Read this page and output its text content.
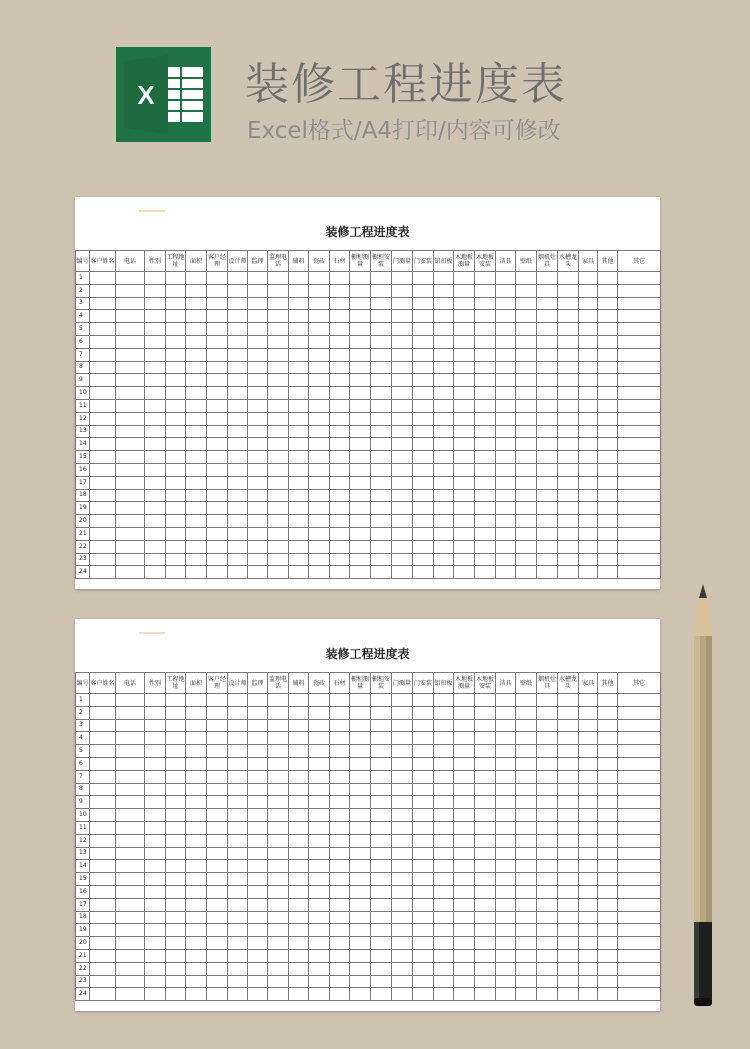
X 装修工程进度表
Excel格式/A4打印/内容可修改
装修工程进度表
编号	客户姓名	电话	性别	工程地址	面积	客户经理	设计师	监理	监理电话	辅料	瓷砖	石材	橱柜测量	橱柜安装	门测量	门安装	铝扣板	木地板测量	木地板安装	洁具	壁纸	烟机灶具	水槽龙头	家具	其他	其它
1																										
2																										
3																										
4																										
5																										
6																										
7																										
8																										
9																										
10																										
11																										
12																										
13																										
14																										
15																										
16																										
17																										
18																										
19																										
20																										
21																										
22																										
23																										
24																										
装修工程进度表
编号	客户姓名	电话	性别	工程地址	面积	客户经理	设计师	监理	监理电话	辅料	瓷砖	石材	橱柜测量	橱柜安装	门测量	门安装	铝扣板	木地板测量	木地板安装	洁具	壁纸	烟机灶具	水槽龙头	家具	其他	其它
1																										
2																										
3																										
4																										
5																										
6																										
7																										
8																										
9																										
10																										
11																										
12																										
13																										
14																										
15																										
16																										
17																										
18																										
19																										
20																										
21																										
22																										
23																										
24																										
